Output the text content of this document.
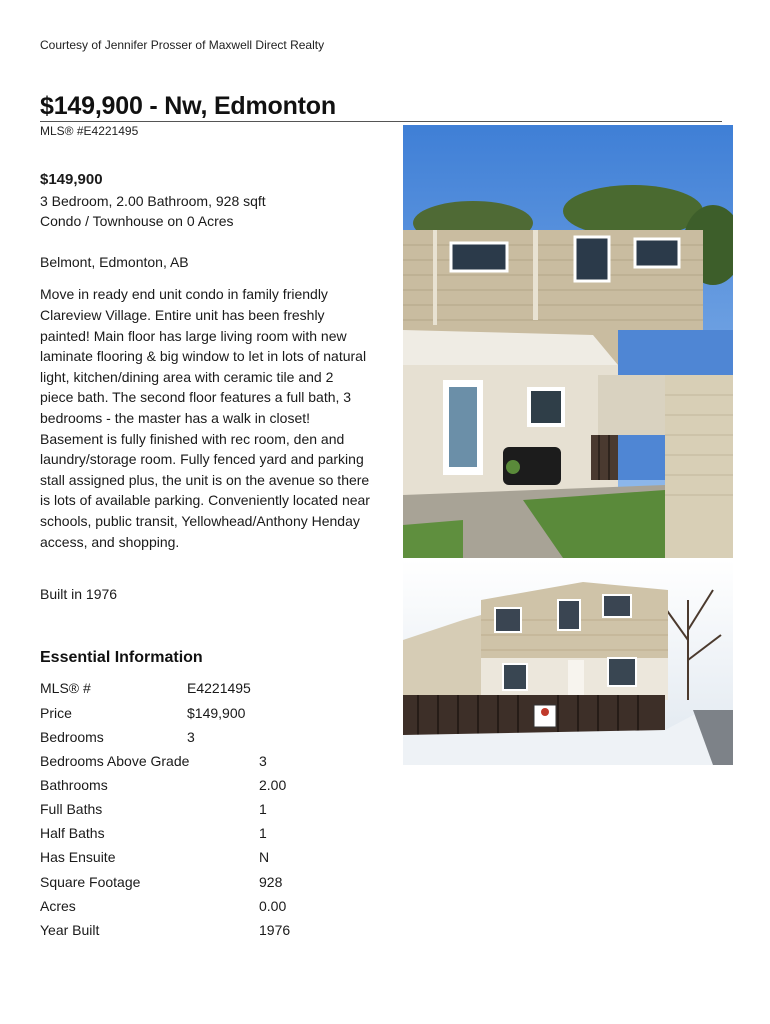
Courtesy of Jennifer Prosser of Maxwell Direct Realty
$149,900 - Nw, Edmonton
MLS® #E4221495
$149,900
3 Bedroom, 2.00 Bathroom, 928 sqft
Condo / Townhouse on 0 Acres
Belmont, Edmonton, AB
Move in ready end unit condo in family friendly Clareview Village. Entire unit has been freshly painted! Main floor has large living room with new laminate flooring & big window to let in lots of natural light, kitchen/dining area with ceramic tile and 2 piece bath. The second floor features a full bath, 3 bedrooms - the master has a walk in closet! Basement is fully finished with rec room, den and laundry/storage room. Fully fenced yard and parking stall assigned plus, the unit is on the avenue so there is lots of available parking. Conveniently located near schools, public transit, Yellowhead/Anthony Henday access, and shopping.
Built in 1976
Essential Information
MLS® #	E4221495
Price	$149,900
Bedrooms	3
Bedrooms Above Grade	3
Bathrooms	2.00
Full Baths	1
Half Baths	1
Has Ensuite	N
Square Footage	928
Acres	0.00
Year Built	1976
